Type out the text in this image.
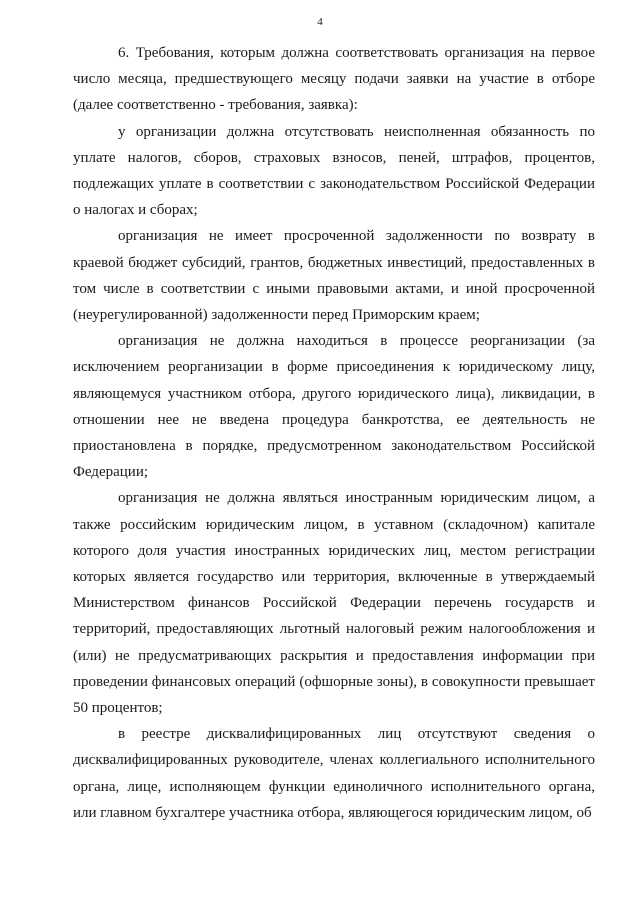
4

6. Требования, которым должна соответствовать организация на первое число месяца, предшествующего месяцу подачи заявки на участие в отборе (далее соответственно - требования, заявка):

у организации должна отсутствовать неисполненная обязанность по уплате налогов, сборов, страховых взносов, пеней, штрафов, процентов, подлежащих уплате в соответствии с законодательством Российской Федерации о налогах и сборах;

организация не имеет просроченной задолженности по возврату в краевой бюджет субсидий, грантов, бюджетных инвестиций, предоставленных в том числе в соответствии с иными правовыми актами, и иной просроченной (неурегулированной) задолженности перед Приморским краем;

организация не должна находиться в процессе реорганизации (за исключением реорганизации в форме присоединения к юридическому лицу, являющемуся участником отбора, другого юридического лица), ликвидации, в отношении нее не введена процедура банкротства, ее деятельность не приостановлена в порядке, предусмотренном законодательством Российской Федерации;

организация не должна являться иностранным юридическим лицом, а также российским юридическим лицом, в уставном (складочном) капитале которого доля участия иностранных юридических лиц, местом регистрации которых является государство или территория, включенные в утверждаемый Министерством финансов Российской Федерации перечень государств и территорий, предоставляющих льготный налоговый режим налогообложения и (или) не предусматривающих раскрытия и предоставления информации при проведении финансовых операций (офшорные зоны), в совокупности превышает 50 процентов;

в реестре дисквалифицированных лиц отсутствуют сведения о дисквалифицированных руководителе, членах коллегиального исполнительного органа, лице, исполняющем функции единоличного исполнительного органа, или главном бухгалтере участника отбора, являющегося юридическим лицом, об
